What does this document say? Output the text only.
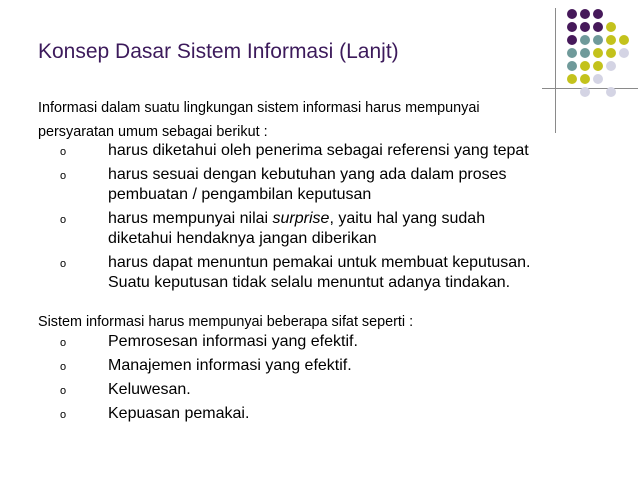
Konsep Dasar Sistem Informasi (Lanjt)
Informasi dalam suatu lingkungan sistem informasi harus mempunyai
persyaratan umum sebagai berikut :
o	harus diketahui oleh penerima sebagai referensi yang tepat
o	harus sesuai dengan kebutuhan yang ada dalam proses
pembuatan / pengambilan keputusan
o	harus mempunyai nilai surprise, yaitu hal yang sudah
diketahui hendaknya jangan diberikan
o	harus dapat menuntun pemakai untuk membuat keputusan.
Suatu keputusan tidak selalu menuntut adanya tindakan.
Sistem informasi harus mempunyai beberapa sifat seperti :
o	Pemrosesan informasi yang efektif.
o	Manajemen informasi yang efektif.
o	Keluwesan.
o	Kepuasan pemakai.
